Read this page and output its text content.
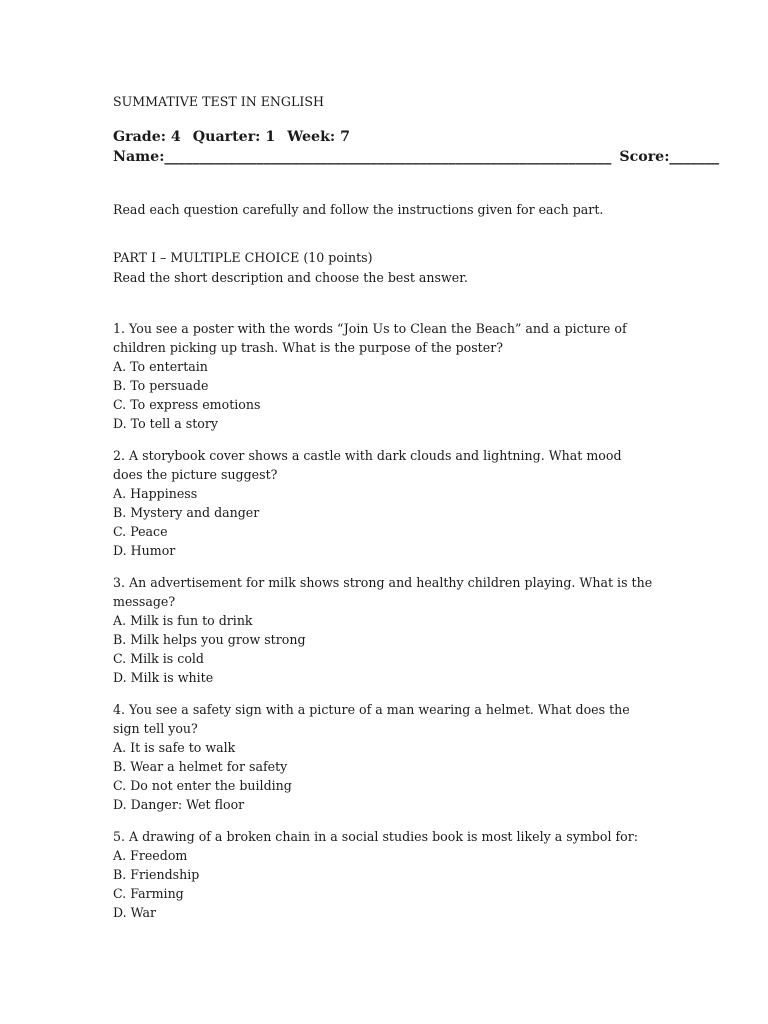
SUMMATIVE TEST IN ENGLISH

Grade: 4 Quarter: 1 Week: 7
Name:_______________________________________________________________ Score:_______
Read each question carefully and follow the instructions given for each part.
PART I – MULTIPLE CHOICE (10 points)
Read the short description and choose the best answer.
1. You see a poster with the words “Join Us to Clean the Beach” and a picture of children picking up trash. What is the purpose of the poster?
A. To entertain
B. To persuade
C. To express emotions
D. To tell a story
2. A storybook cover shows a castle with dark clouds and lightning. What mood does the picture suggest?
A. Happiness
B. Mystery and danger
C. Peace
D. Humor
3. An advertisement for milk shows strong and healthy children playing. What is the message?
A. Milk is fun to drink
B. Milk helps you grow strong
C. Milk is cold
D. Milk is white
4. You see a safety sign with a picture of a man wearing a helmet. What does the sign tell you?
A. It is safe to walk
B. Wear a helmet for safety
C. Do not enter the building
D. Danger: Wet floor
5. A drawing of a broken chain in a social studies book is most likely a symbol for:
A. Freedom
B. Friendship
C. Farming
D. War
